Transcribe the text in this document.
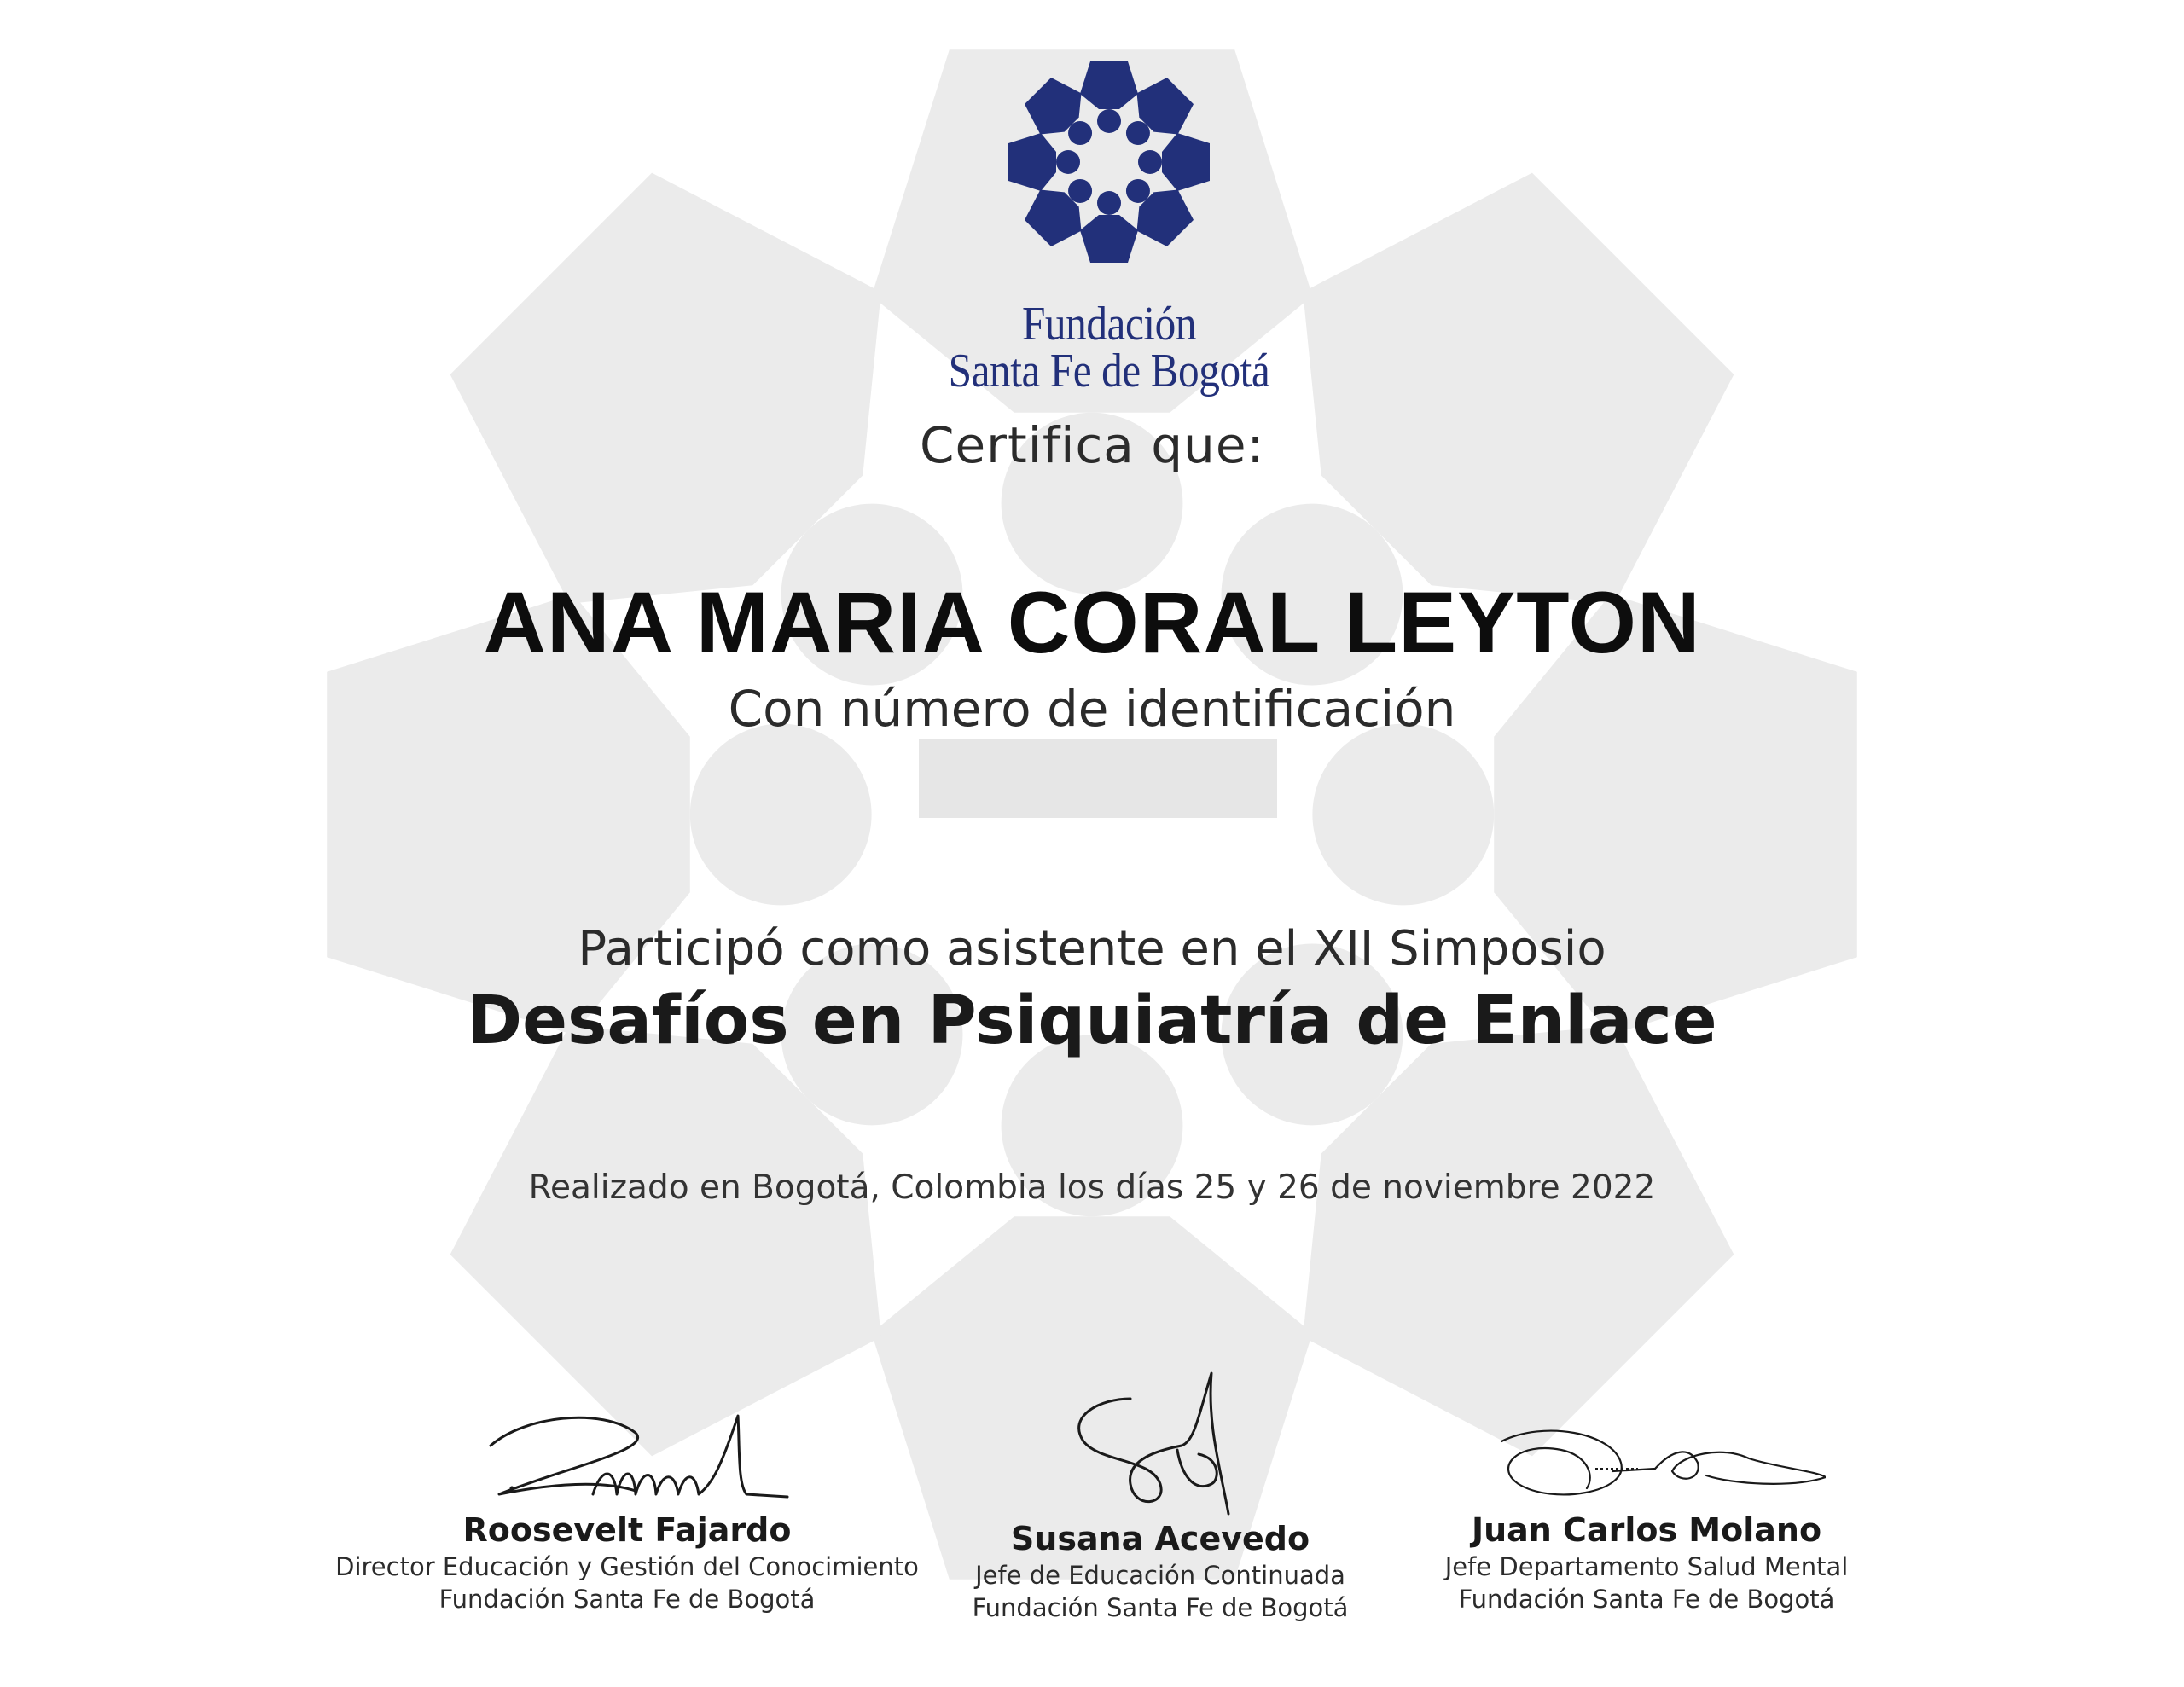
Fundación
Santa Fe de Bogotá
Certifica que:
ANA MARIA CORAL LEYTON
Con número de identificación
Participó como asistente en el XII Simposio
Desafíos en Psiquiatría de Enlace
Realizado en Bogotá, Colombia los días 25 y 26 de noviembre 2022
Roosevelt Fajardo
Director Educación y Gestión del Conocimiento
Fundación Santa Fe de Bogotá
Susana Acevedo
Jefe de Educación Continuada
Fundación Santa Fe de Bogotá
Juan Carlos Molano
Jefe Departamento Salud Mental
Fundación Santa Fe de Bogotá
